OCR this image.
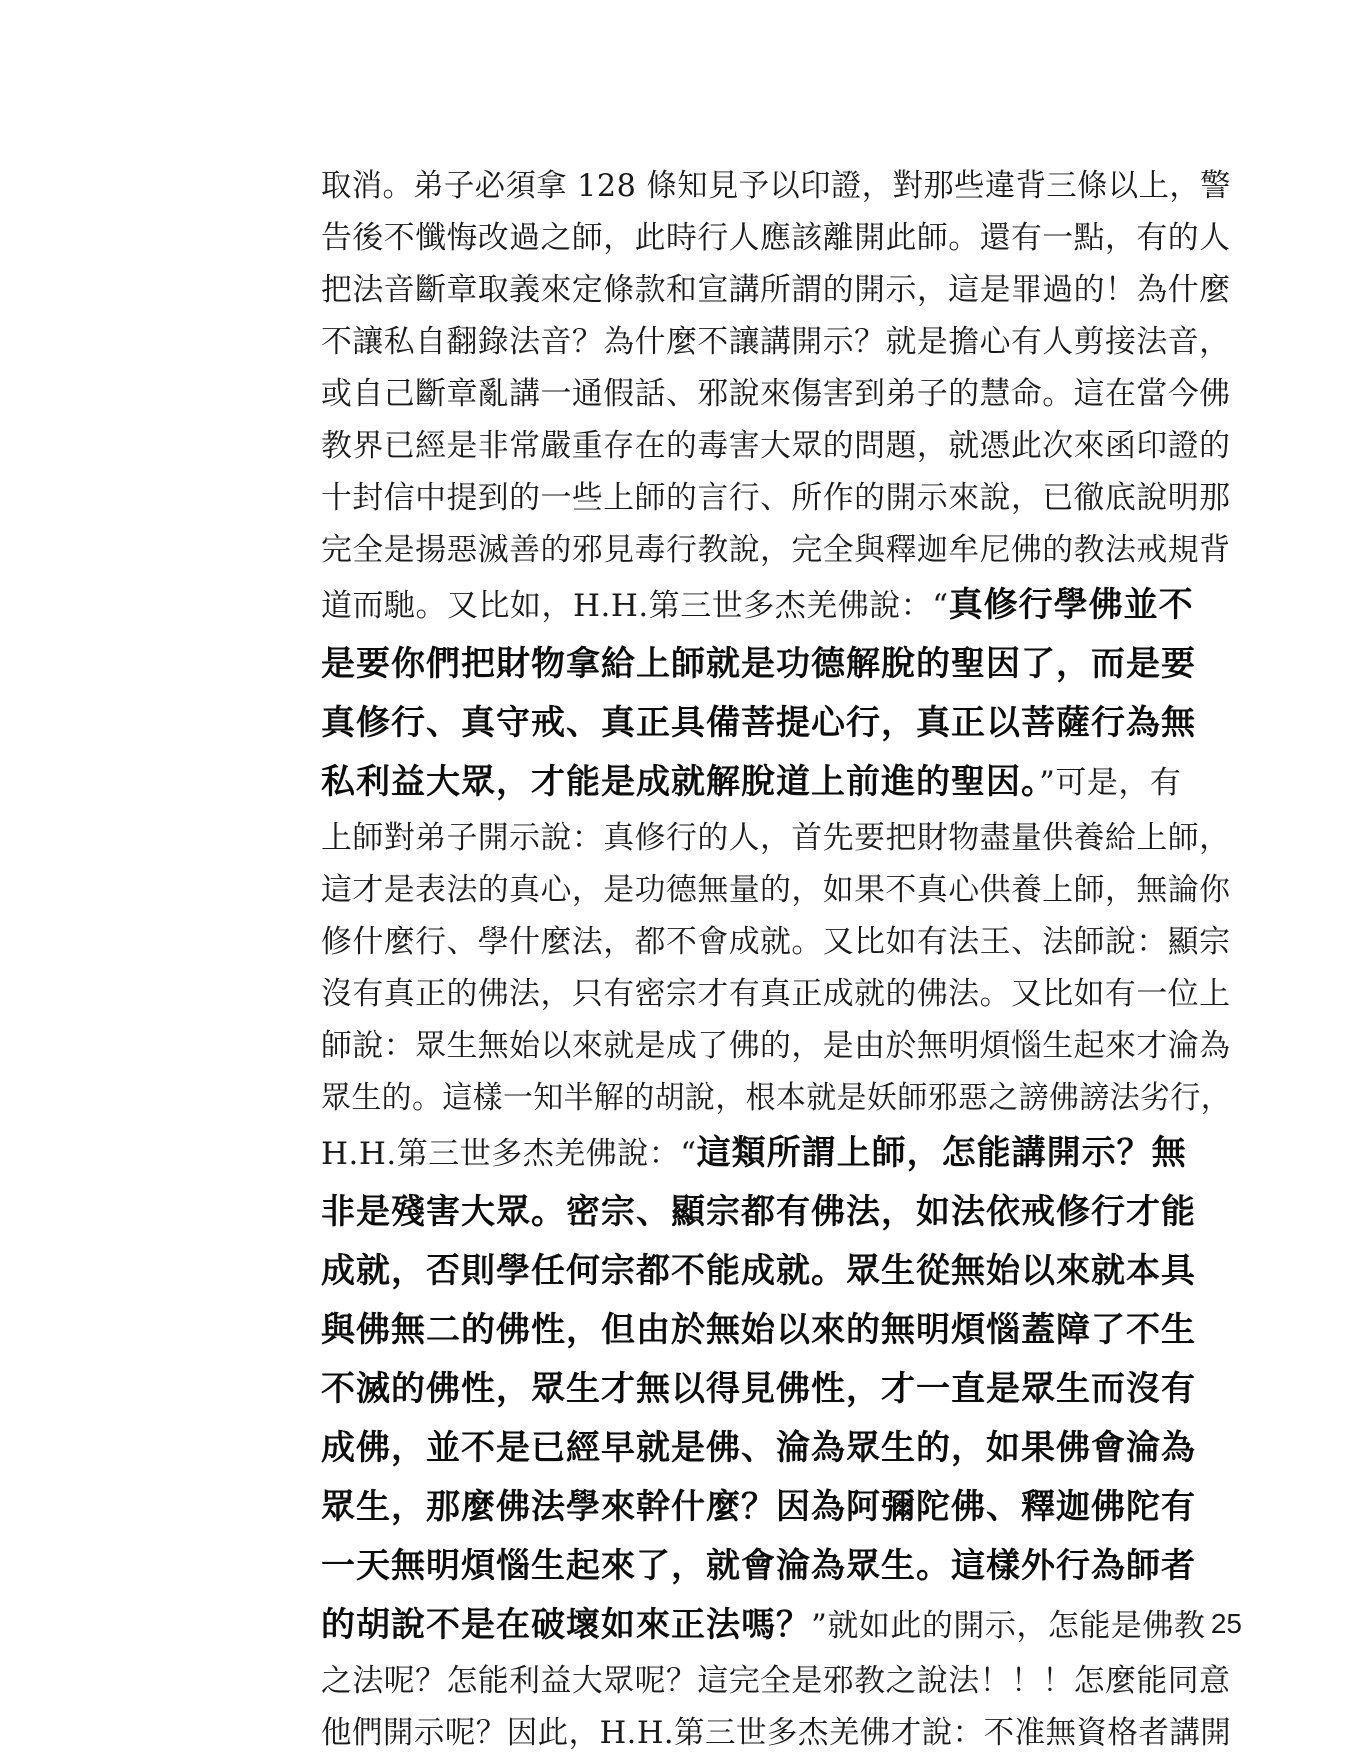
取消。弟子必須拿 128 條知見予以印證，對那些違背三條以上，警
告後不懺悔改過之師，此時行人應該離開此師。還有一點，有的人
把法音斷章取義來定條款和宣講所謂的開示，這是罪過的！為什麼
不讓私自翻錄法音？為什麼不讓講開示？就是擔心有人剪接法音，
或自己斷章亂講一通假話、邪說來傷害到弟子的慧命。這在當今佛
教界已經是非常嚴重存在的毒害大眾的問題，就憑此次來函印證的
十封信中提到的一些上師的言行、所作的開示來說，已徹底說明那
完全是揚惡滅善的邪見毒行教說，完全與釋迦牟尼佛的教法戒規背
道而馳。又比如，H.H.第三世多杰羌佛說：“真修行學佛並不
是要你們把財物拿給上師就是功德解脫的聖因了，而是要
真修行、真守戒、真正具備菩提心行，真正以菩薩行為無
私利益大眾，才能是成就解脫道上前進的聖因。”可是，有
上師對弟子開示說：真修行的人，首先要把財物盡量供養給上師，
這才是表法的真心，是功德無量的，如果不真心供養上師，無論你
修什麼行、學什麼法，都不會成就。又比如有法王、法師說：顯宗
沒有真正的佛法，只有密宗才有真正成就的佛法。又比如有一位上
師說：眾生無始以來就是成了佛的，是由於無明煩惱生起來才淪為
眾生的。這樣一知半解的胡說，根本就是妖師邪惡之謗佛謗法劣行，
H.H.第三世多杰羌佛說：“這類所謂上師，怎能講開示？無
非是殘害大眾。密宗、顯宗都有佛法，如法依戒修行才能
成就，否則學任何宗都不能成就。眾生從無始以來就本具
與佛無二的佛性，但由於無始以來的無明煩惱蓋障了不生
不滅的佛性，眾生才無以得見佛性，才一直是眾生而沒有
成佛，並不是已經早就是佛、淪為眾生的，如果佛會淪為
眾生，那麼佛法學來幹什麼？因為阿彌陀佛、釋迦佛陀有
一天無明煩惱生起來了，就會淪為眾生。這樣外行為師者
的胡說不是在破壞如來正法嗎？”就如此的開示，怎能是佛教
之法呢？怎能利益大眾呢？這完全是邪教之說法！！！怎麼能同意
他們開示呢？因此，H.H.第三世多杰羌佛才說：不准無資格者講開
25
